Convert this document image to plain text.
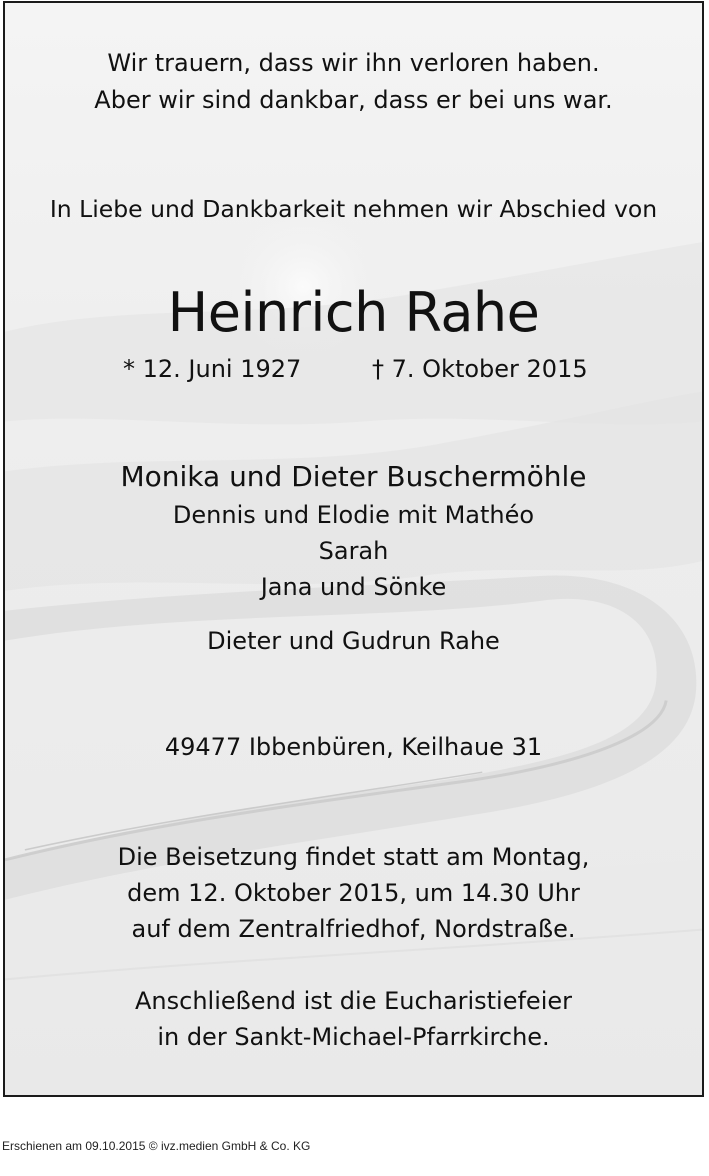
Wir trauern, dass wir ihn verloren haben.
Aber wir sind dankbar, dass er bei uns war.
In Liebe und Dankbarkeit nehmen wir Abschied von
Heinrich Rahe
* 12. Juni 1927	† 7. Oktober 2015
Monika und Dieter Buschermöhle
Dennis und Elodie mit Mathéo
Sarah
Jana und Sönke
Dieter und Gudrun Rahe
49477 Ibbenbüren, Keilhaue 31
Die Beisetzung findet statt am Montag,
dem 12. Oktober 2015, um 14.30 Uhr
auf dem Zentralfriedhof, Nordstraße.
Anschließend ist die Eucharistiefeier
in der Sankt-Michael-Pfarrkirche.
Erschienen am 09.10.2015 © ivz.medien GmbH & Co. KG
